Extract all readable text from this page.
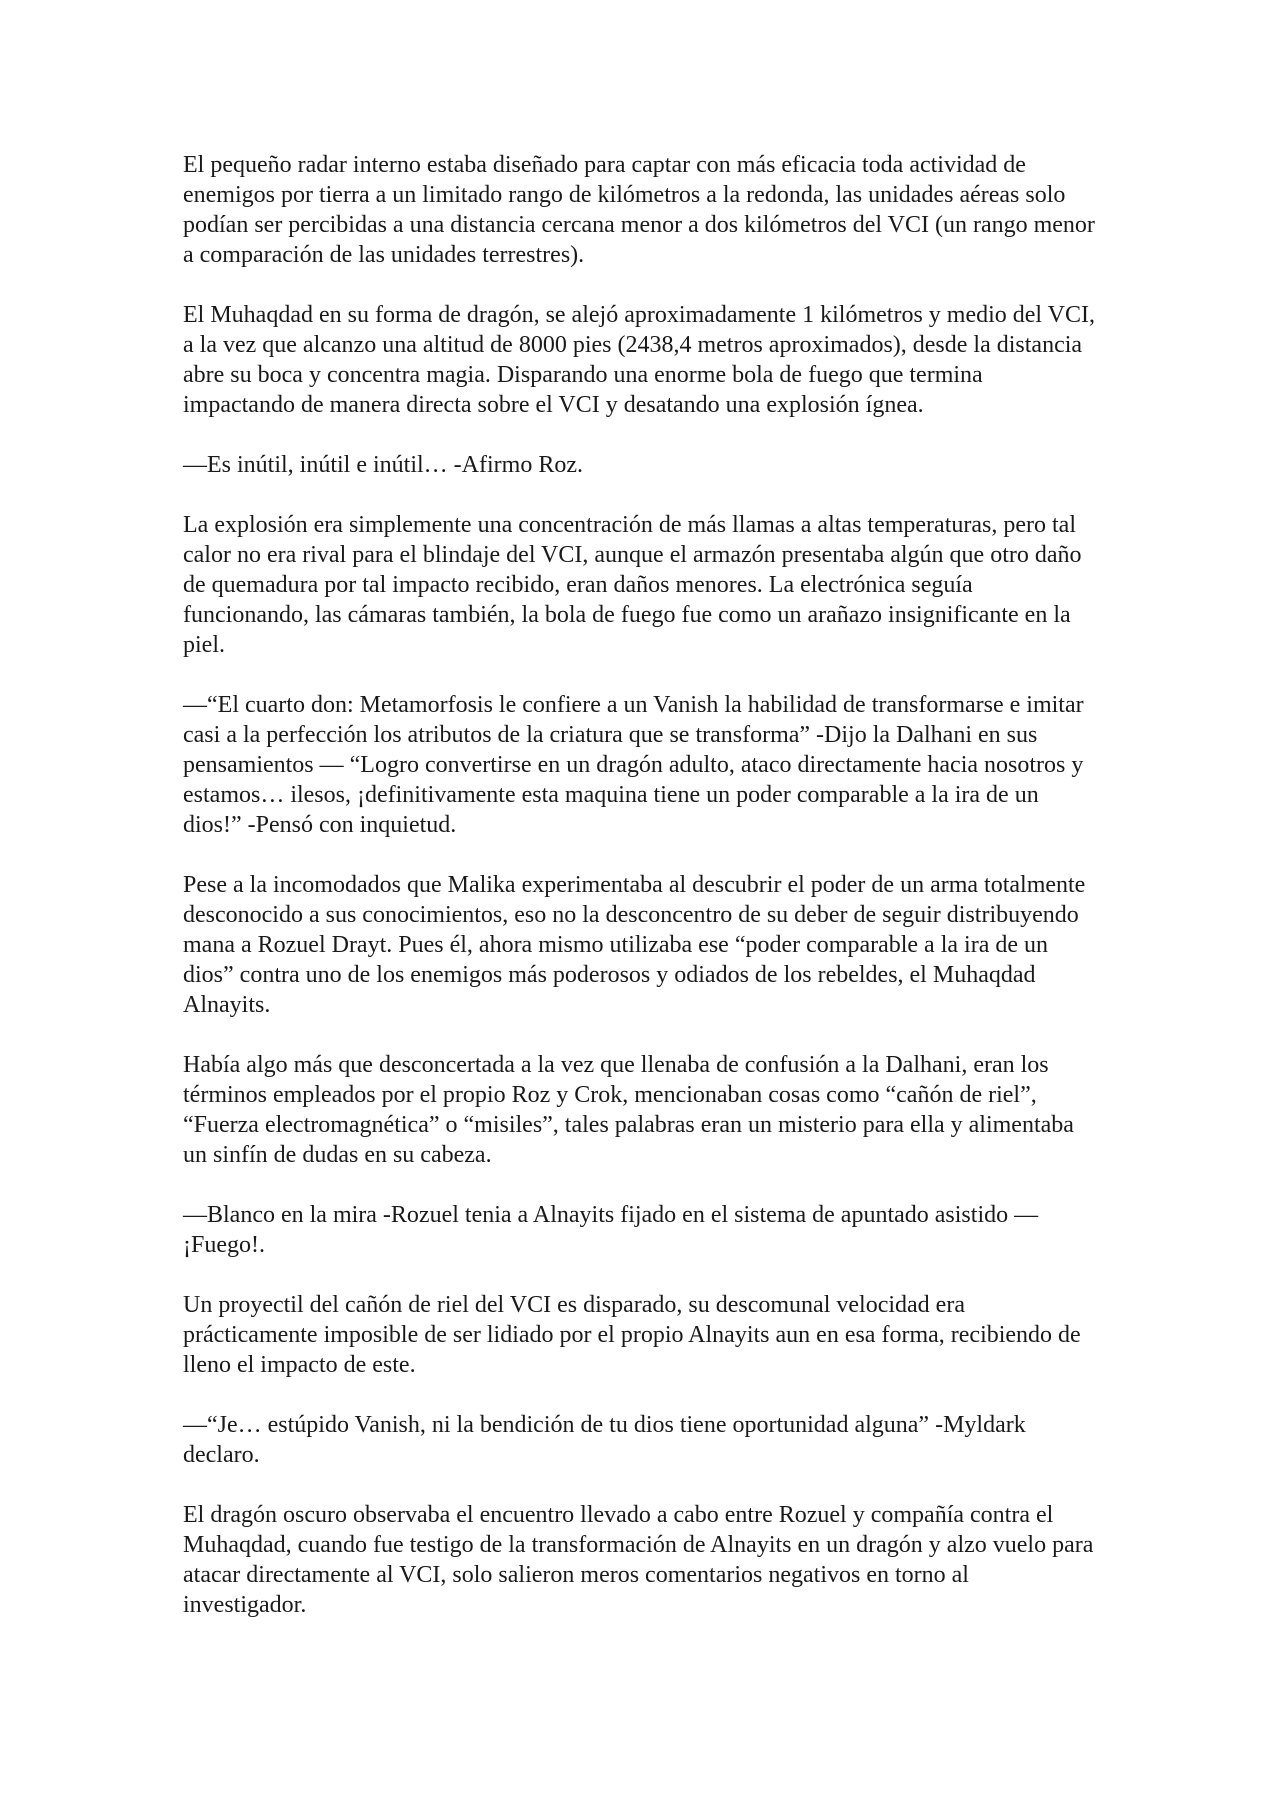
El pequeño radar interno estaba diseñado para captar con más eficacia toda actividad de enemigos por tierra a un limitado rango de kilómetros a la redonda, las unidades aéreas solo podían ser percibidas a una distancia cercana menor a dos kilómetros del VCI (un rango menor a comparación de las unidades terrestres).

El Muhaqdad en su forma de dragón, se alejó aproximadamente 1 kilómetros y medio del VCI, a la vez que alcanzo una altitud de 8000 pies (2438,4 metros aproximados), desde la distancia abre su boca y concentra magia. Disparando una enorme bola de fuego que termina impactando de manera directa sobre el VCI y desatando una explosión ígnea.

—Es inútil, inútil e inútil… -Afirmo Roz.

La explosión era simplemente una concentración de más llamas a altas temperaturas, pero tal calor no era rival para el blindaje del VCI, aunque el armazón presentaba algún que otro daño de quemadura por tal impacto recibido, eran daños menores. La electrónica seguía funcionando, las cámaras también, la bola de fuego fue como un arañazo insignificante en la piel.

—“El cuarto don: Metamorfosis le confiere a un Vanish la habilidad de transformarse e imitar casi a la perfección los atributos de la criatura que se transforma” -Dijo la Dalhani en sus pensamientos — “Logro convertirse en un dragón adulto, ataco directamente hacia nosotros y estamos… ilesos, ¡definitivamente esta maquina tiene un poder comparable a la ira de un dios!” -Pensó con inquietud.

Pese a la incomodados que Malika experimentaba al descubrir el poder de un arma totalmente desconocido a sus conocimientos, eso no la desconcentro de su deber de seguir distribuyendo mana a Rozuel Drayt. Pues él, ahora mismo utilizaba ese “poder comparable a la ira de un dios” contra uno de los enemigos más poderosos y odiados de los rebeldes, el Muhaqdad Alnayits.

Había algo más que desconcertada a la vez que llenaba de confusión a la Dalhani, eran los términos empleados por el propio Roz y Crok, mencionaban cosas como “cañón de riel”, “Fuerza electromagnética” o “misiles”, tales palabras eran un misterio para ella y alimentaba un sinfín de dudas en su cabeza.

—Blanco en la mira -Rozuel tenia a Alnayits fijado en el sistema de apuntado asistido —¡Fuego!.

Un proyectil del cañón de riel del VCI es disparado, su descomunal velocidad era prácticamente imposible de ser lidiado por el propio Alnayits aun en esa forma, recibiendo de lleno el impacto de este.

—“Je… estúpido Vanish, ni la bendición de tu dios tiene oportunidad alguna” -Myldark declaro.

El dragón oscuro observaba el encuentro llevado a cabo entre Rozuel y compañía contra el Muhaqdad, cuando fue testigo de la transformación de Alnayits en un dragón y alzo vuelo para atacar directamente al VCI, solo salieron meros comentarios negativos en torno al investigador.
